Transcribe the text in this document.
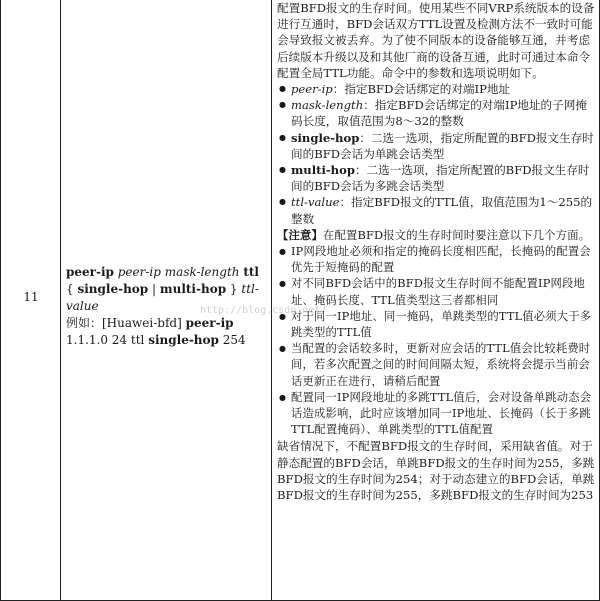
11
peer-ip peer-ip mask-length ttl
{ single-hop | multi-hop } ttl-value
例如：[Huawei-bfd] peer-ip
1.1.1.0 24 ttl single-hop 254

配置BFD报文的生存时间。使用某些不同VRP系统版本的设备进行互通时，BFD会话双方TTL设置及检测方法不一致时可能会导致报文被丢弃。为了使不同版本的设备能够互通，并考虑后续版本升级以及和其他厂商的设备互通，此时可通过本命令配置全局TTL功能。命令中的参数和选项说明如下。

● peer-ip：指定BFD会话绑定的对端IP地址
● mask-length：指定BFD会话绑定的对端IP地址的子网掩码长度，取值范围为8～32的整数
● single-hop：二选一选项，指定所配置的BFD报文生存时间的BFD会话为单跳会话类型
● multi-hop：二选一选项，指定所配置的BFD报文生存时间的BFD会话为多跳会话类型
● ttl-value：指定BFD报文的TTL值，取值范围为1～255的整数

【注意】在配置BFD报文的生存时间时要注意以下几个方面。

● IP网段地址必须和指定的掩码长度相匹配，长掩码的配置会优先于短掩码的配置
● 对不同BFD会话中的BFD报文生存时间不能配置IP网段地址、掩码长度、TTL值类型这三者都相同
● 对于同一IP地址、同一掩码，单跳类型的TTL值必须大于多跳类型的TTL值
● 当配置的会话较多时，更新对应会话的TTL值会比较耗费时间，若多次配置之间的时间间隔太短，系统将会提示当前会话更新正在进行，请稍后配置
● 配置同一IP网段地址的多跳TTL值后，会对设备单跳动态会话造成影响，此时应该增加同一IP地址、长掩码（长于多跳TTL配置掩码）、单跳类型的TTL值配置

缺省情况下，不配置BFD报文的生存时间，采用缺省值。对于静态配置的BFD会话，单跳BFD报文的生存时间为255，多跳BFD报文的生存时间为254；对于动态建立的BFD会话，单跳BFD报文的生存时间为255，多跳BFD报文的生存时间为253

http://blog.csdn.net/
